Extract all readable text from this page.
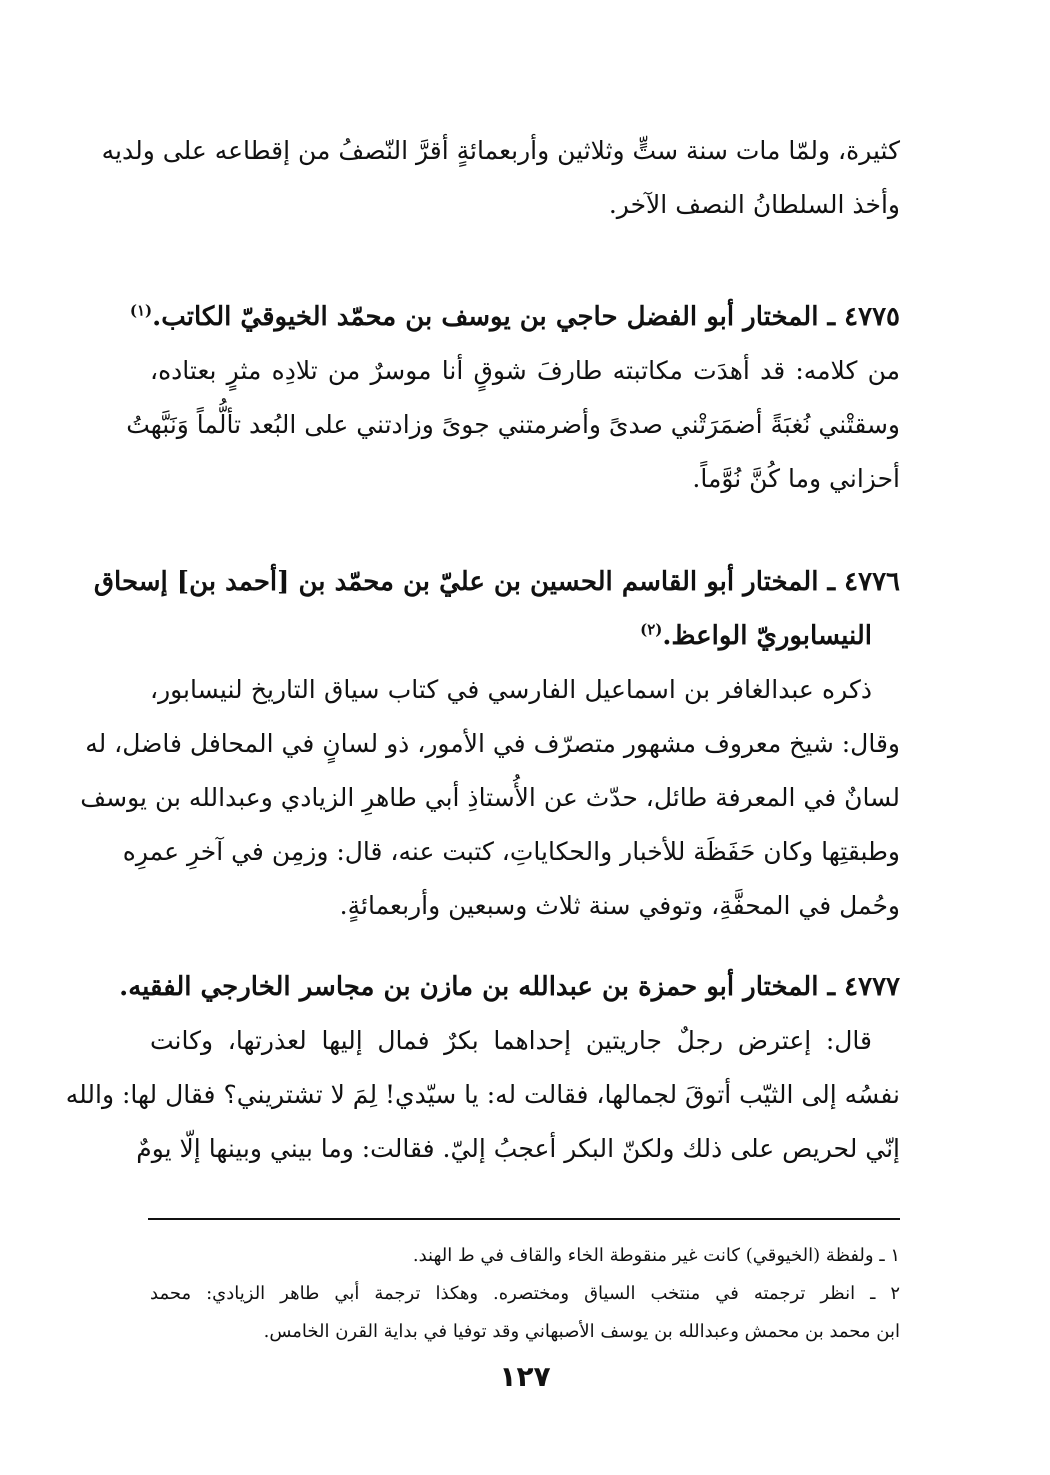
كثيرة، ولمّا مات سنة ستٍّ وثلاثين وأربعمائةٍ أقرَّ النّصفُ من إقطاعه على ولديه
وأخذ السلطانُ النصف الآخر.
٤٧٧٥ ـ المختار أبو الفضل حاجي بن يوسف بن محمّد الخيوقيّ الكاتب.$^{(١)}$
من كلامه: قد أهدَت مكاتبته طارفَ شوقٍ أنا موسرٌ من تلادِه مثرٍ بعتاده،
وسقتْني نُغبَةً أضمَرَتْني صدىً وأضرمتني جوىً وزادتني على البُعد تألُّماً وَنَبَّهتُ
أحزاني وما كُنَّ نُوَّماً.
٤٧٧٦ ـ المختار أبو القاسم الحسين بن عليّ بن محمّد بن [أحمد بن] إسحاق
النيسابوريّ الواعظ.$^{(٢)}$
ذكره عبدالغافر بن اسماعيل الفارسي في كتاب سياق التاريخ لنيسابور،
وقال: شيخ معروف مشهور متصرّف في الأمور، ذو لسانٍ في المحافل فاضل، له
لسانٌ في المعرفة طائل، حدّث عن الأُستاذِ أبي طاهرِ الزيادي وعبدالله بن يوسف
وطبقتِها وكان حَفَظَة للأخبار والحكاياتِ، كتبت عنه، قال: وزمِن في آخرِ عمرِه
وحُمل في المحفَّةِ، وتوفي سنة ثلاث وسبعين وأربعمائةٍ.
٤٧٧٧ ـ المختار أبو حمزة بن عبدالله بن مازن بن مجاسر الخارجي الفقيه.
قال: إعترض رجلٌ جاريتين إحداهما بكرٌ فمال إليها لعذرتها، وكانت
نفسُه إلى الثيّب أتوقَ لجمالها، فقالت له: يا سيّدي! لِمَ لا تشتريني؟ فقال لها: والله
إنّي لحريص على ذلك ولكنّ البكر أعجبُ إليّ. فقالت: وما بيني وبينها إلّا يومٌ
١ ـ ولفظة (الخيوقي) كانت غير منقوطة الخاء والقاف في ط الهند.
٢ ـ انظر ترجمته في منتخب السياق ومختصره. وهكذا ترجمة أبي طاهر الزيادي: محمد
ابن محمد بن محمش وعبدالله بن يوسف الأصبهاني وقد توفيا في بداية القرن الخامس.
١٢٧
